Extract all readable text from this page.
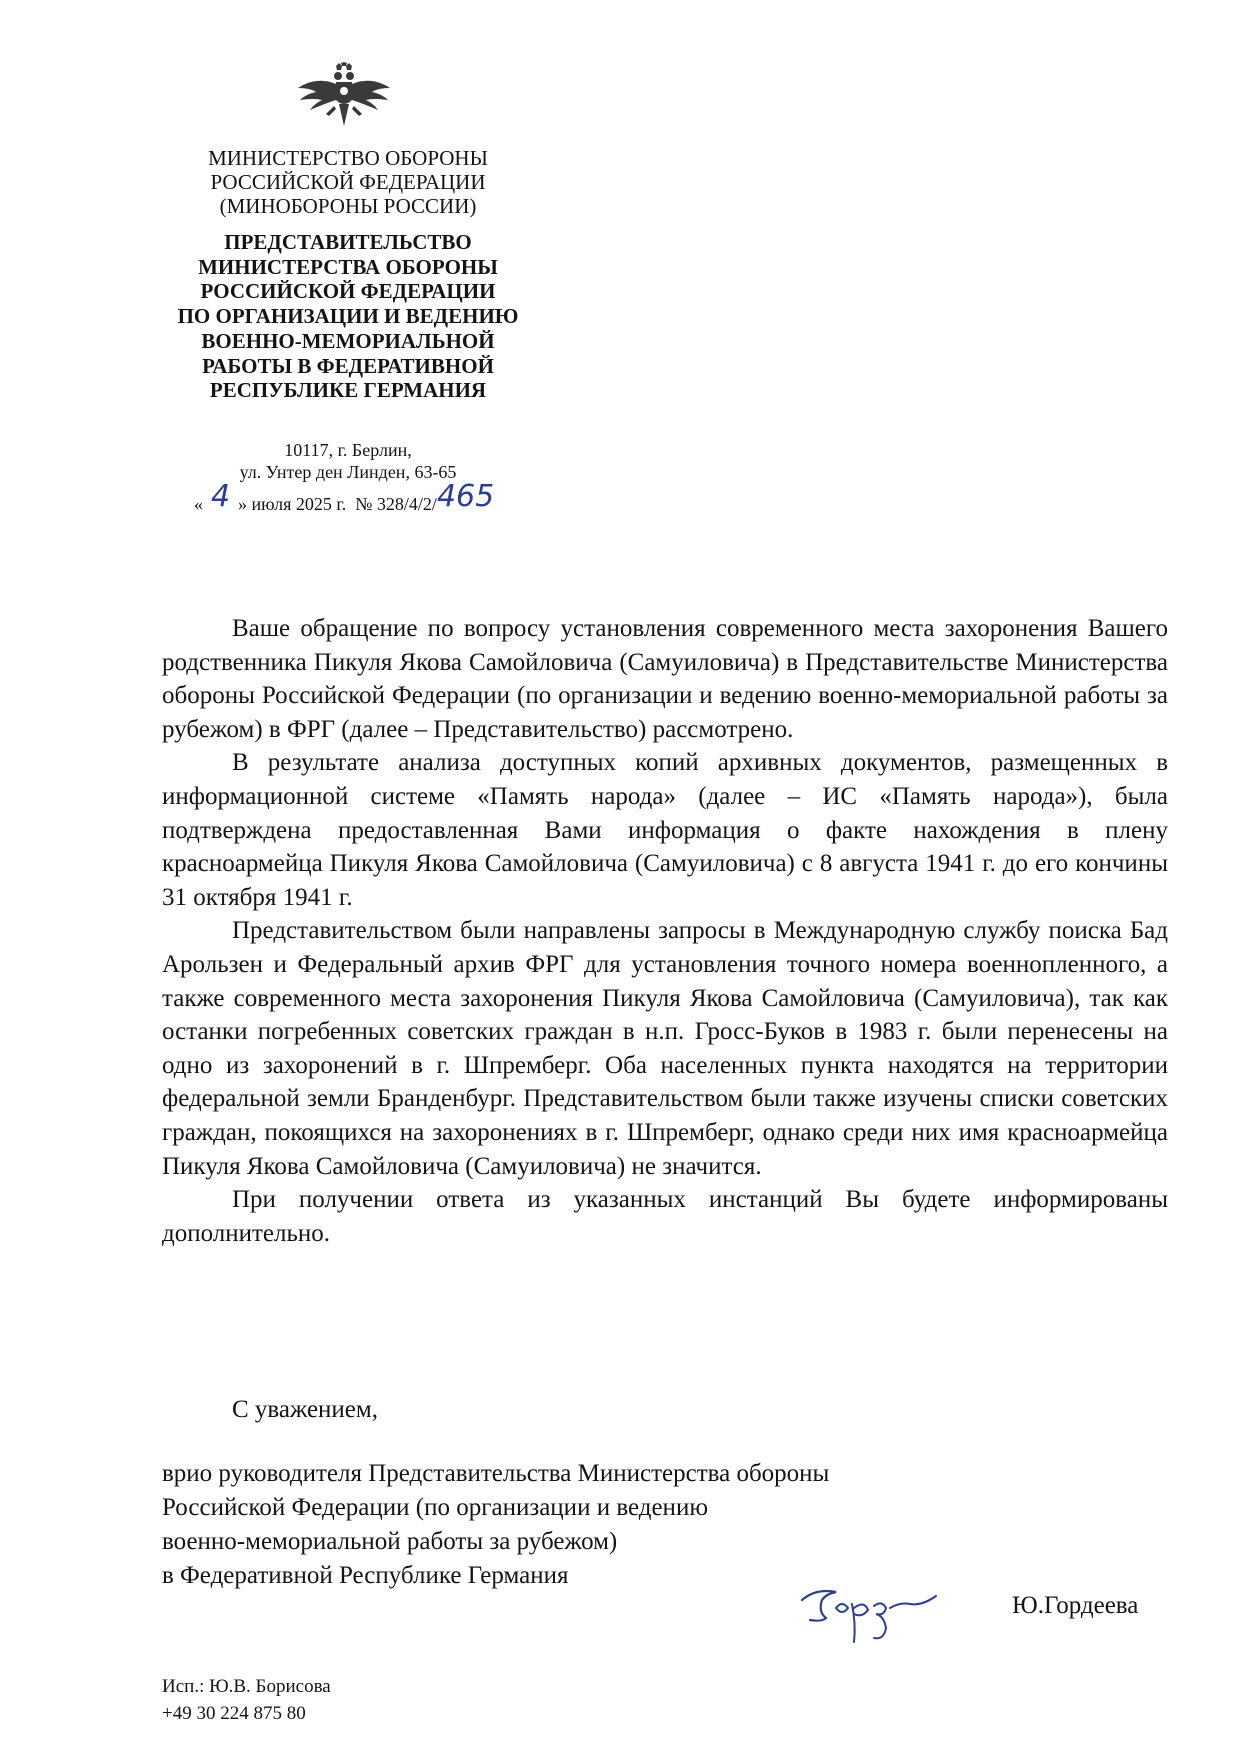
МИНИСТЕРСТВО ОБОРОНЫ
РОССИЙСКОЙ ФЕДЕРАЦИИ
(МИНОБОРОНЫ РОССИИ)
ПРЕДСТАВИТЕЛЬСТВО
МИНИСТЕРСТВА ОБОРОНЫ
РОССИЙСКОЙ ФЕДЕРАЦИИ
ПО ОРГАНИЗАЦИИ И ВЕДЕНИЮ
ВОЕННО-МЕМОРИАЛЬНОЙ
РАБОТЫ В ФЕДЕРАТИВНОЙ
РЕСПУБЛИКЕ ГЕРМАНИЯ
10117, г. Берлин,
ул. Унтер ден Линден, 63-65
« 4 » июля 2025 г. № 328/4/2/465

Ваше обращение по вопросу установления современного места захоронения Вашего родственника Пикуля Якова Самойловича (Самуиловича) в Представительстве Министерства обороны Российской Федерации (по организации и ведению военно-мемориальной работы за рубежом) в ФРГ (далее – Представительство) рассмотрено.

В результате анализа доступных копий архивных документов, размещенных в информационной системе «Память народа» (далее – ИС «Память народа»), была подтверждена предоставленная Вами информация о факте нахождения в плену красноармейца Пикуля Якова Самойловича (Самуиловича) с 8 августа 1941 г. до его кончины 31 октября 1941 г.

Представительством были направлены запросы в Международную службу поиска Бад Арользен и Федеральный архив ФРГ для установления точного номера военнопленного, а также современного места захоронения Пикуля Якова Самойловича (Самуиловича), так как останки погребенных советских граждан в н.п. Гросс-Буков в 1983 г. были перенесены на одно из захоронений в г. Шпремберг. Оба населенных пункта находятся на территории федеральной земли Бранденбург. Представительством были также изучены списки советских граждан, покоящихся на захоронениях в г. Шпремберг, однако среди них имя красноармейца Пикуля Якова Самойловича (Самуиловича) не значится.

При получении ответа из указанных инстанций Вы будете информированы дополнительно.

С уважением,
врио руководителя Представительства Министерства обороны
Российской Федерации (по организации и ведению
военно-мемориальной работы за рубежом)
в Федеративной Республике Германия
Ю.Гордеева
Исп.: Ю.В. Борисова
+49 30 224 875 80
